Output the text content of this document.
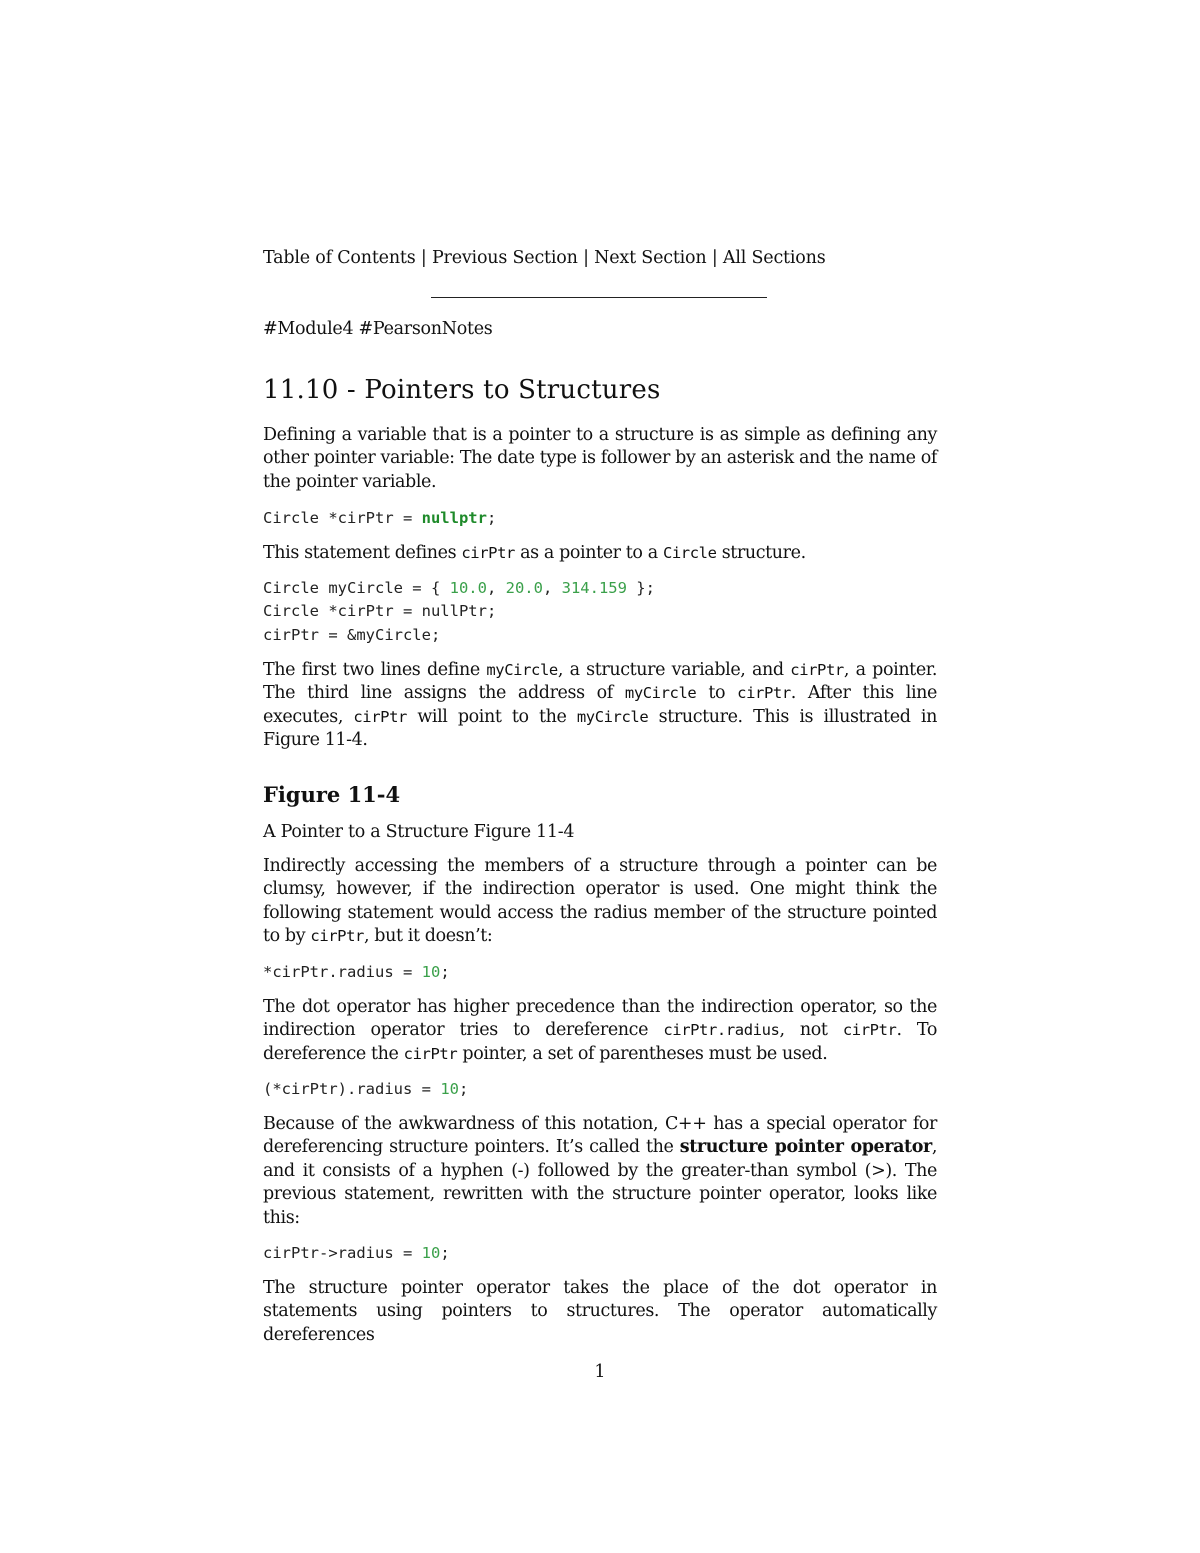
Table of Contents | Previous Section | Next Section | All Sections
#Module4 #PearsonNotes
11.10 - Pointers to Structures

Defining a variable that is a pointer to a structure is as simple as defining any other pointer variable: The date type is follower by an asterisk and the name of the pointer variable.

Circle *cirPtr = nullptr;

This statement defines cirPtr as a pointer to a Circle structure.

Circle myCircle = { 10.0, 20.0, 314.159 };
Circle *cirPtr = nullPtr;
cirPtr = &myCircle;

The first two lines define myCircle, a structure variable, and cirPtr, a pointer. The third line assigns the address of myCircle to cirPtr. After this line executes, cirPtr will point to the myCircle structure. This is illustrated in Figure 11-4.

Figure 11-4
A Pointer to a Structure Figure 11-4

Indirectly accessing the members of a structure through a pointer can be clumsy, however, if the indirection operator is used. One might think the following statement would access the radius member of the structure pointed to by cirPtr, but it doesn’t:

*cirPtr.radius = 10;

The dot operator has higher precedence than the indirection operator, so the indirection operator tries to dereference cirPtr.radius, not cirPtr. To dereference the cirPtr pointer, a set of parentheses must be used.

(*cirPtr).radius = 10;

Because of the awkwardness of this notation, C++ has a special operator for dereferencing structure pointers. It’s called the structure pointer operator, and it consists of a hyphen (-) followed by the greater-than symbol (>). The previous statement, rewritten with the structure pointer operator, looks like this:

cirPtr->radius = 10;

The structure pointer operator takes the place of the dot operator in statements using pointers to structures. The operator automatically dereferences

1
